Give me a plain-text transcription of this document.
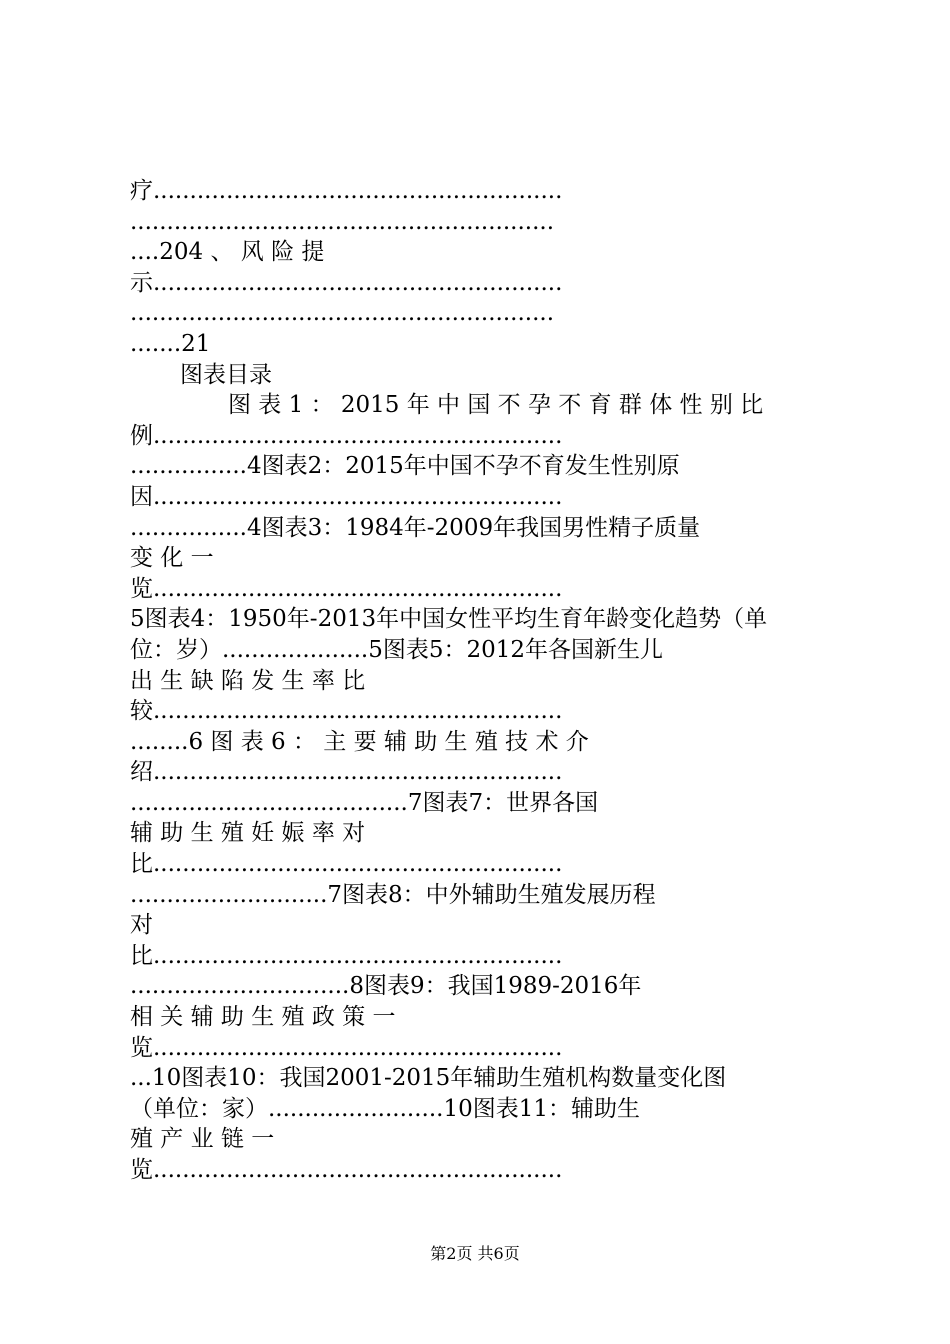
疗........................................................
..........................................................
....204 、 风 险 提
示........................................................
..........................................................
.......21
图表目录
图 表 1 ： 2015 年 中 国 不 孕 不 育 群 体 性 别 比
例........................................................
................4图表2：2015年中国不孕不育发生性别原
因........................................................
................4图表3：1984年-2009年我国男性精子质量
变 化 一
览........................................................
5图表4：1950年-2013年中国女性平均生育年龄变化趋势（单
位：岁）....................5图表5：2012年各国新生儿
出 生 缺 陷 发 生 率 比
较........................................................
........6 图 表 6 ： 主 要 辅 助 生 殖 技 术 介
绍........................................................
......................................7图表7：世界各国
辅 助 生 殖 妊 娠 率 对
比........................................................
...........................7图表8：中外辅助生殖发展历程
对
比........................................................
..............................8图表9：我国1989-2016年
相 关 辅 助 生 殖 政 策 一
览........................................................
...10图表10：我国2001-2015年辅助生殖机构数量变化图
（单位：家）........................10图表11：辅助生
殖 产 业 链 一
览........................................................
第2页 共6页
